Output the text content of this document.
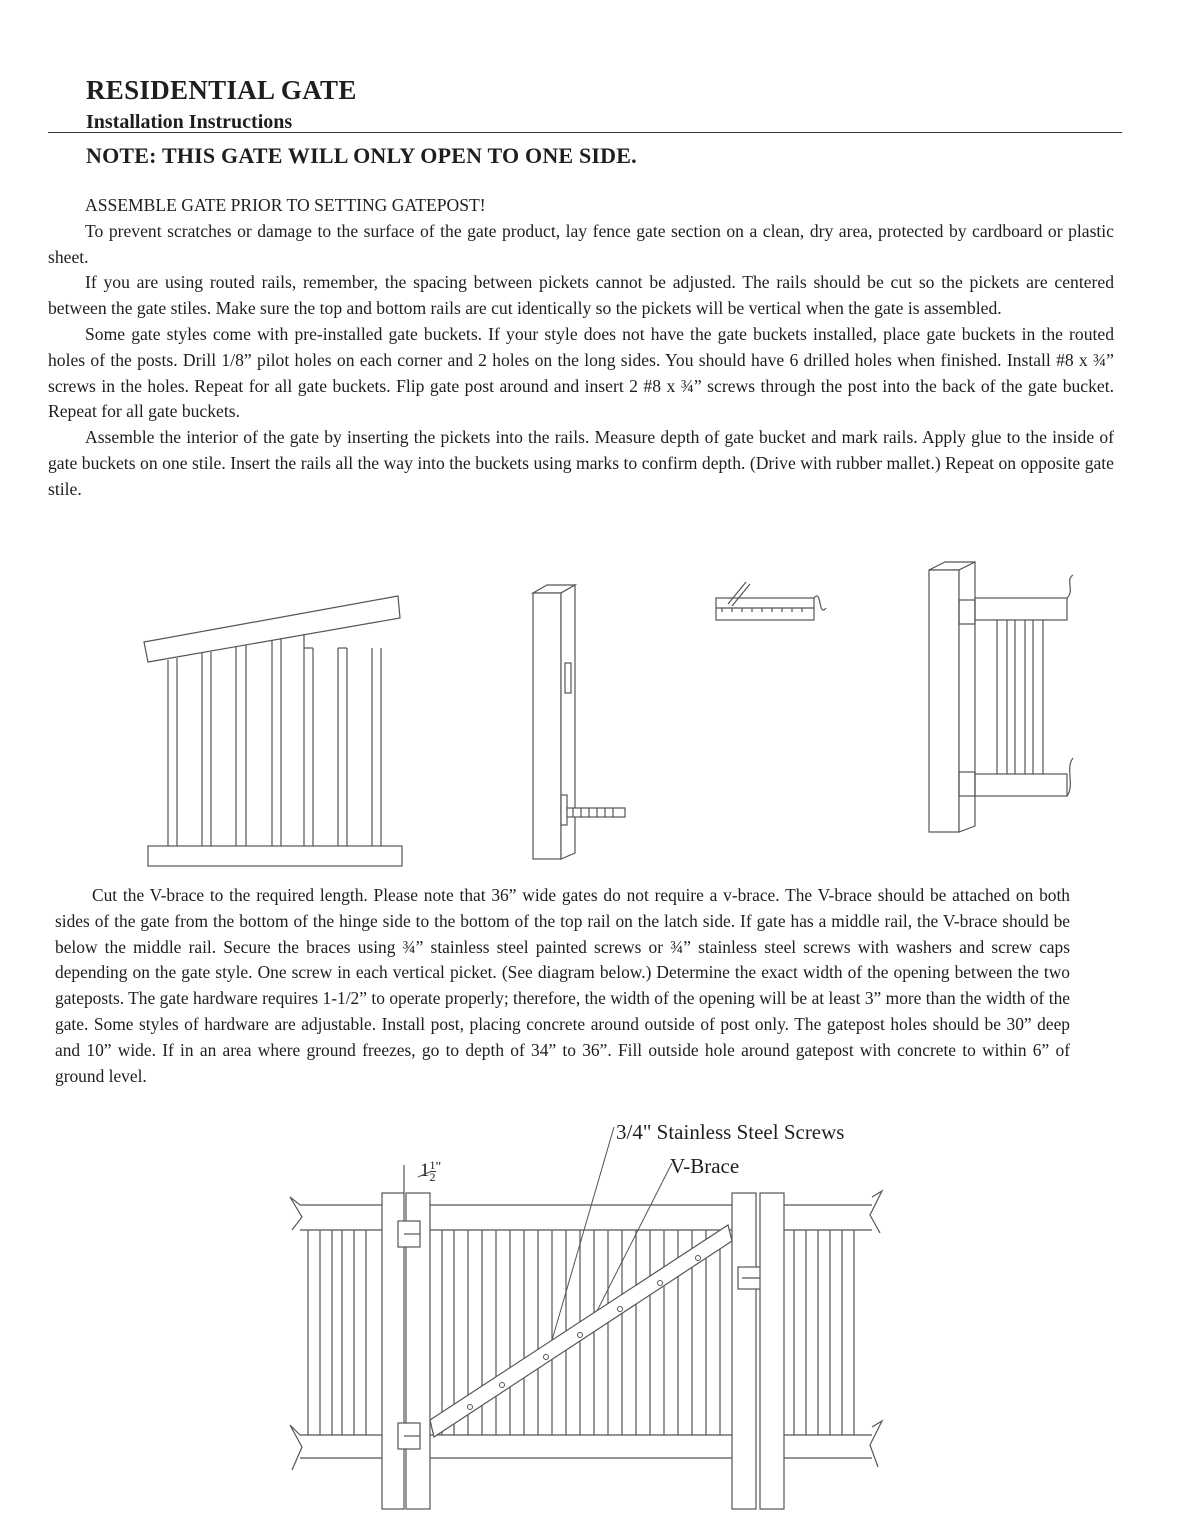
RESIDENTIAL GATE
Installation Instructions
NOTE: THIS GATE WILL ONLY OPEN TO ONE SIDE.

ASSEMBLE GATE PRIOR TO SETTING GATEPOST!

To prevent scratches or damage to the surface of the gate product, lay fence gate section on a clean, dry area, protected by cardboard or plastic sheet.

If you are using routed rails, remember, the spacing between pickets cannot be adjusted. The rails should be cut so the pickets are centered between the gate stiles. Make sure the top and bottom rails are cut identically so the pickets will be vertical when the gate is assembled.

Some gate styles come with pre-installed gate buckets. If your style does not have the gate buckets installed, place gate buckets in the routed holes of the posts. Drill 1/8” pilot holes on each corner and 2 holes on the long sides. You should have 6 drilled holes when finished. Install #8 x ¾” screws in the holes. Repeat for all gate buckets. Flip gate post around and insert 2 #8 x ¾” screws through the post into the back of the gate bucket. Repeat for all gate buckets.

Assemble the interior of the gate by inserting the pickets into the rails. Measure depth of gate bucket and mark rails. Apply glue to the inside of gate buckets on one stile. Insert the rails all the way into the buckets using marks to confirm depth. (Drive with rubber mallet.) Repeat on opposite gate stile.

Cut the V-brace to the required length. Please note that 36” wide gates do not require a v-brace. The V-brace should be attached on both sides of the gate from the bottom of the hinge side to the bottom of the top rail on the latch side. If gate has a middle rail, the V-brace should be below the middle rail. Secure the braces using ¾” stainless steel painted screws or ¾” stainless steel screws with washers and screw caps depending on the gate style. One screw in each vertical picket. (See diagram below.) Determine the exact width of the opening between the two gateposts. The gate hardware requires 1-1/2” to operate properly; therefore, the width of the opening will be at least 3” more than the width of the gate. Some styles of hardware are adjustable. Install post, placing concrete around outside of post only. The gatepost holes should be 30” deep and 10” wide. If in an area where ground freezes, go to depth of 34” to 36”. Fill outside hole around gatepost with concrete to within 6” of ground level.

3/4" Stainless Steel Screws
V-Brace
$1 \frac{1}{2} ^"$
